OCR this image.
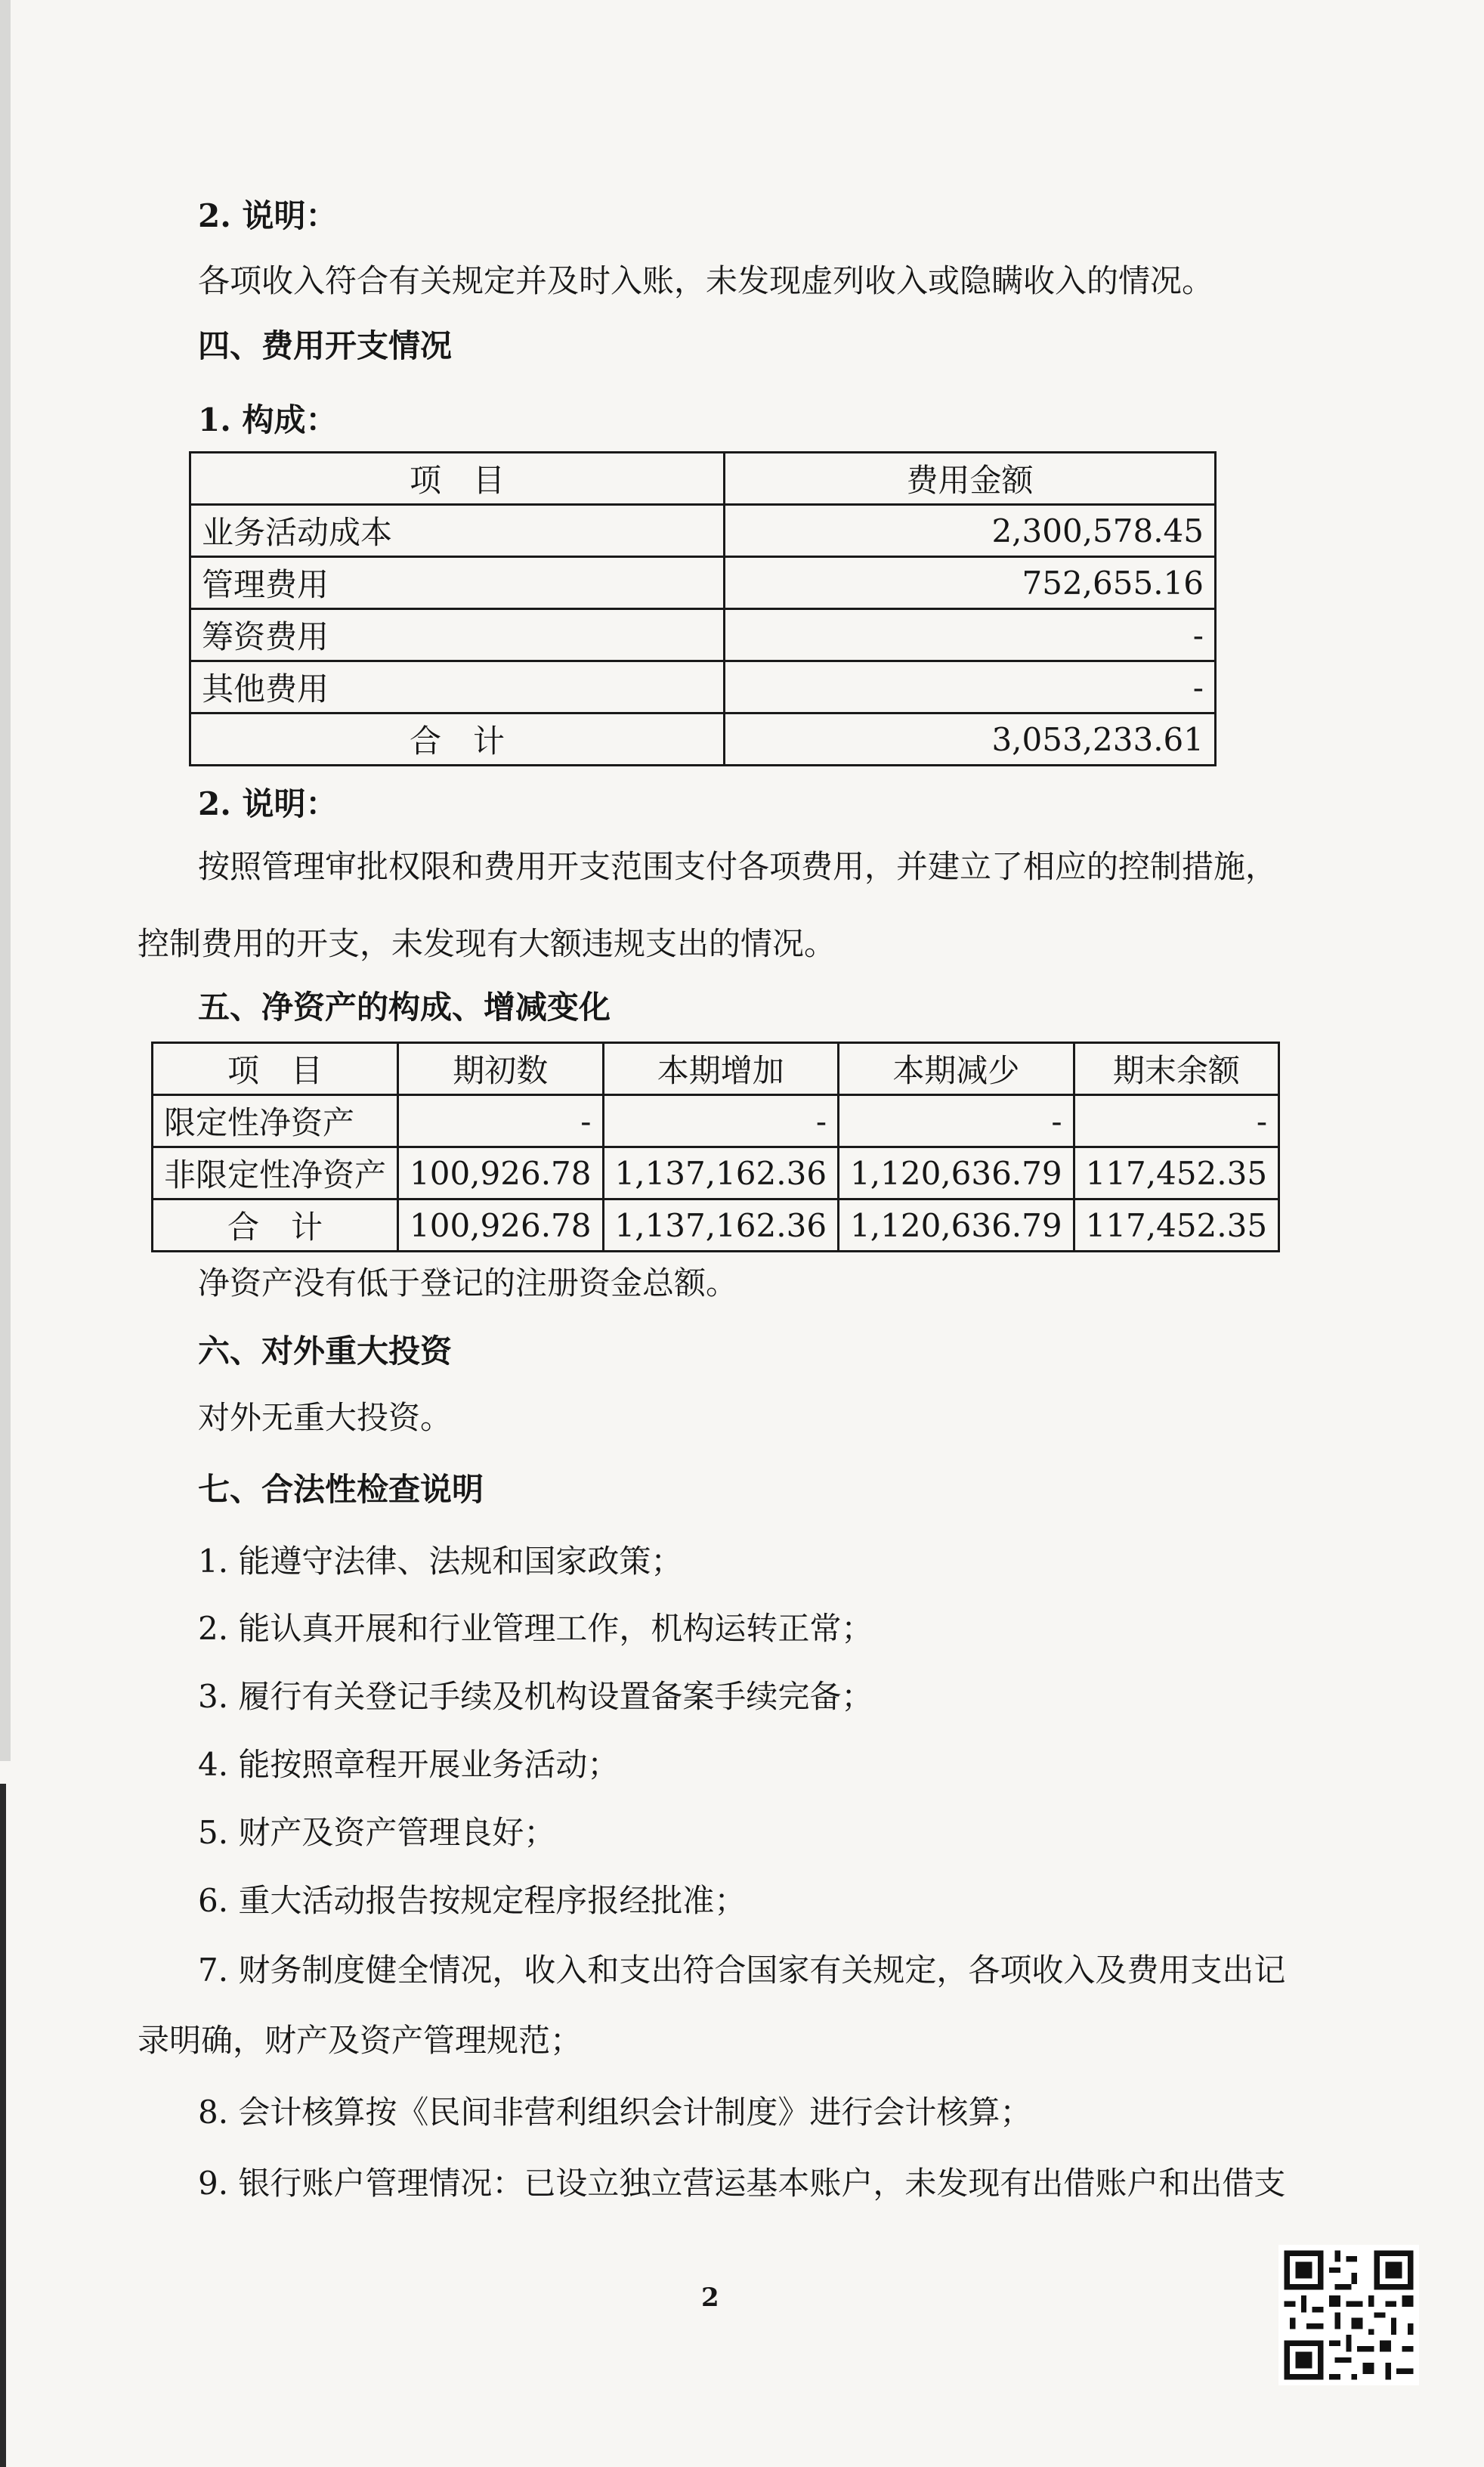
2. 说明：
各项收入符合有关规定并及时入账，未发现虚列收入或隐瞒收入的情况。
四、费用开支情况
1. 构成：
项　目	费用金额
业务活动成本	2,300,578.45
管理费用	752,655.16
筹资费用	-
其他费用	-
合　计	3,053,233.61
2. 说明：
按照管理审批权限和费用开支范围支付各项费用，并建立了相应的控制措施，
控制费用的开支，未发现有大额违规支出的情况。
五、净资产的构成、增减变化
项　目	期初数	本期增加	本期减少	期末余额
限定性净资产	-	-	-	-
非限定性净资产	100,926.78	1,137,162.36	1,120,636.79	117,452.35
合　计	100,926.78	1,137,162.36	1,120,636.79	117,452.35
净资产没有低于登记的注册资金总额。
六、对外重大投资
对外无重大投资。
七、合法性检查说明
1. 能遵守法律、法规和国家政策；
2. 能认真开展和行业管理工作，机构运转正常；
3. 履行有关登记手续及机构设置备案手续完备；
4. 能按照章程开展业务活动；
5. 财产及资产管理良好；
6. 重大活动报告按规定程序报经批准；
7. 财务制度健全情况，收入和支出符合国家有关规定，各项收入及费用支出记
录明确，财产及资产管理规范；
8. 会计核算按《民间非营利组织会计制度》进行会计核算；
9. 银行账户管理情况：已设立独立营运基本账户，未发现有出借账户和出借支
2
